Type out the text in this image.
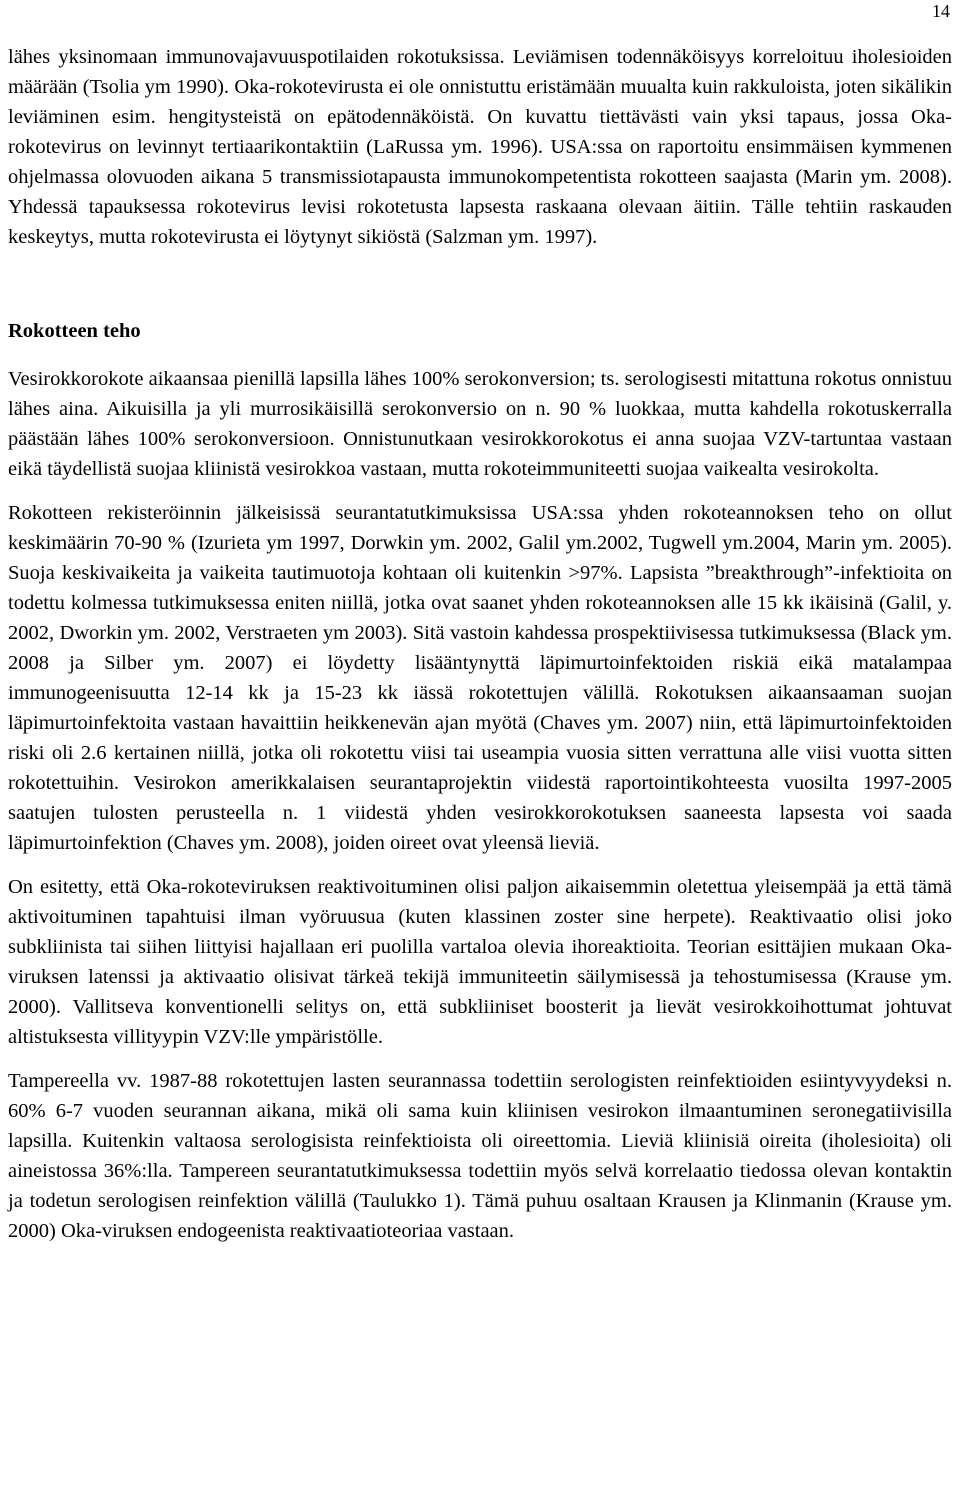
14

lähes yksinomaan immunovajavuuspotilaiden rokotuksissa. Leviämisen todennäköisyys korreloituu iholesioiden määrään (Tsolia ym 1990). Oka-rokotevirusta ei ole onnistuttu eristämään muualta kuin rakkuloista, joten sikälikin leviäminen esim. hengitysteistä on epätodennäköistä. On kuvattu tiettävästi vain yksi tapaus, jossa Oka-rokotevirus on levinnyt tertiaarikontaktiin (LaRussa ym. 1996). USA:ssa on raportoitu ensimmäisen kymmenen ohjelmassa olovuoden aikana 5 transmissiotapausta immunokompetentista rokotteen saajasta (Marin ym. 2008). Yhdessä tapauksessa rokotevirus levisi rokotetusta lapsesta raskaana olevaan äitiin. Tälle tehtiin raskauden keskeytys, mutta rokotevirusta ei löytynyt sikiöstä (Salzman ym. 1997).

Rokotteen teho

Vesirokkorokote aikaansaa pienillä lapsilla lähes 100% serokonversion; ts. serologisesti mitattuna rokotus onnistuu lähes aina. Aikuisilla ja yli murrosikäisillä serokonversio on n. 90 % luokkaa, mutta kahdella rokotuskerralla päästään lähes 100% serokonversioon. Onnistunutkaan vesirokkorokotus ei anna suojaa VZV-tartuntaa vastaan eikä täydellistä suojaa kliinistä vesirokkoa vastaan, mutta rokoteimmuniteetti suojaa vaikealta vesirokolta.

Rokotteen rekisteröinnin jälkeisissä seurantatutkimuksissa USA:ssa yhden rokoteannoksen teho on ollut keskimäärin 70-90 % (Izurieta ym 1997, Dorwkin ym. 2002, Galil ym.2002, Tugwell ym.2004, Marin ym. 2005). Suoja keskivaikeita ja vaikeita tautimuotoja kohtaan oli kuitenkin >97%. Lapsista ”breakthrough”-infektioita on todettu kolmessa tutkimuksessa eniten niillä, jotka ovat saanet yhden rokoteannoksen alle 15 kk ikäisinä (Galil, y. 2002, Dworkin ym. 2002, Verstraeten ym 2003). Sitä vastoin kahdessa prospektiivisessa tutkimuksessa (Black ym. 2008 ja Silber ym. 2007) ei löydetty lisääntynyttä läpimurtoinfektoiden riskiä eikä matalampaa immunogeenisuutta 12-14 kk ja 15-23 kk iässä rokotettujen välillä. Rokotuksen aikaansaaman suojan läpimurtoinfektoita vastaan havaittiin heikkenevän ajan myötä (Chaves ym. 2007) niin, että läpimurtoinfektoiden riski oli 2.6 kertainen niillä, jotka oli rokotettu viisi tai useampia vuosia sitten verrattuna alle viisi vuotta sitten rokotettuihin. Vesirokon amerikkalaisen seurantaprojektin viidestä raportointikohteesta vuosilta 1997-2005 saatujen tulosten perusteella n. 1 viidestä yhden vesirokkorokotuksen saaneesta lapsesta voi saada läpimurtoinfektion (Chaves ym. 2008), joiden oireet ovat yleensä lieviä.

On esitetty, että Oka-rokoteviruksen reaktivoituminen olisi paljon aikaisemmin oletettua yleisempää ja että tämä aktivoituminen tapahtuisi ilman vyöruusua (kuten klassinen zoster sine herpete). Reaktivaatio olisi joko subkliinista tai siihen liittyisi hajallaan eri puolilla vartaloa olevia ihoreaktioita. Teorian esittäjien mukaan Oka-viruksen latenssi ja aktivaatio olisivat tärkeä tekijä immuniteetin säilymisessä ja tehostumisessa (Krause ym. 2000). Vallitseva konventionelli selitys on, että subkliiniset boosterit ja lievät vesirokkoihottumat johtuvat altistuksesta villityypin VZV:lle ympäristölle.

Tampereella vv. 1987-88 rokotettujen lasten seurannassa todettiin serologisten reinfektioiden esiintyvyydeksi n. 60% 6-7 vuoden seurannan aikana, mikä oli sama kuin kliinisen vesirokon ilmaantuminen seronegatiivisilla lapsilla. Kuitenkin valtaosa serologisista reinfektioista oli oireettomia. Lieviä kliinisiä oireita (iholesioita) oli aineistossa 36%:lla. Tampereen seurantatutkimuksessa todettiin myös selvä korrelaatio tiedossa olevan kontaktin ja todetun serologisen reinfektion välillä (Taulukko 1). Tämä puhuu osaltaan Krausen ja Klinmanin (Krause ym. 2000) Oka-viruksen endogeenista reaktivaatioteoriaa vastaan.
